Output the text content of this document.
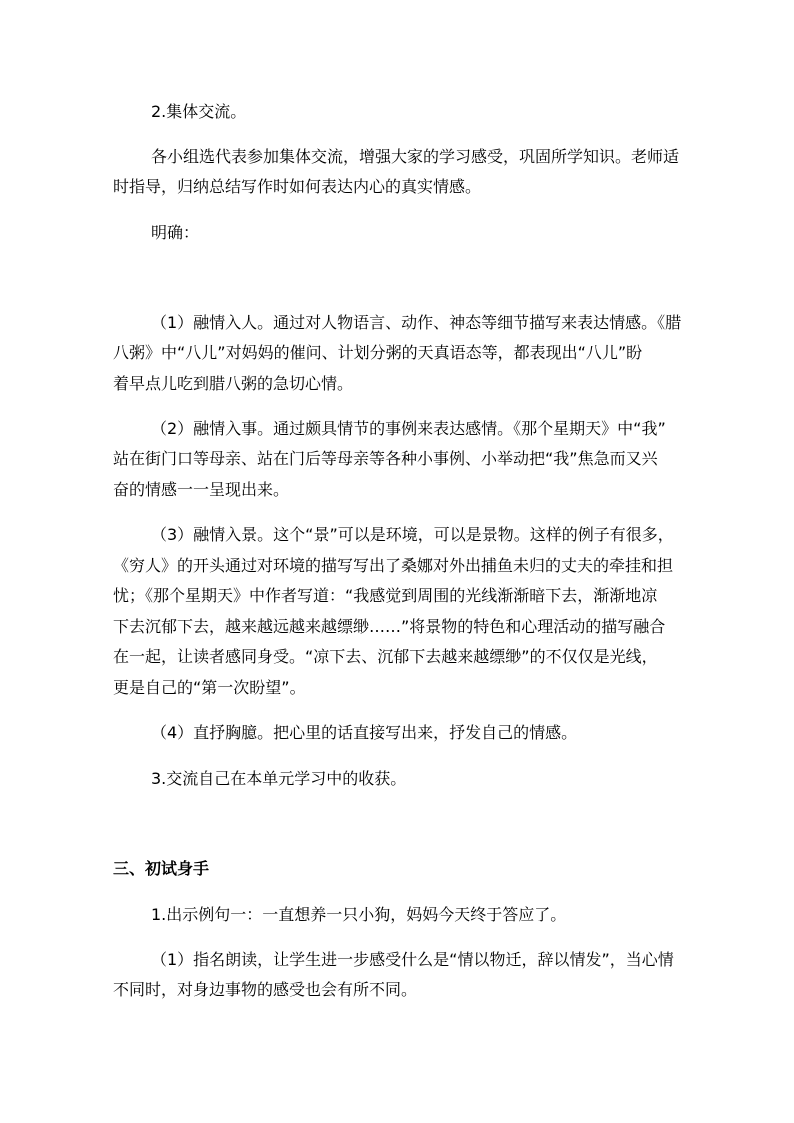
2.集体交流。
各小组选代表参加集体交流，增强大家的学习感受，巩固所学知识。老师适
时指导，归纳总结写作时如何表达内心的真实情感。
明确：
（1）融情入人。通过对人物语言、动作、神态等细节描写来表达情感。《腊
八粥》中“八儿”对妈妈的催问、计划分粥的天真语态等，都表现出“八儿”盼
着早点儿吃到腊八粥的急切心情。
（2）融情入事。通过颇具情节的事例来表达感情。《那个星期天》中“我”
站在街门口等母亲、站在门后等母亲等各种小事例、小举动把“我”焦急而又兴
奋的情感一一呈现出来。
（3）融情入景。这个“景”可以是环境，可以是景物。这样的例子有很多，
《穷人》的开头通过对环境的描写写出了桑娜对外出捕鱼未归的丈夫的牵挂和担
忧；《那个星期天》中作者写道：“我感觉到周围的光线渐渐暗下去，渐渐地凉
下去沉郁下去，越来越远越来越缥缈……”将景物的特色和心理活动的描写融合
在一起，让读者感同身受。“凉下去、沉郁下去越来越缥缈”的不仅仅是光线，
更是自己的“第一次盼望”。
（4）直抒胸臆。把心里的话直接写出来，抒发自己的情感。
3.交流自己在本单元学习中的收获。
三、初试身手
1.出示例句一：一直想养一只小狗，妈妈今天终于答应了。
（1）指名朗读，让学生进一步感受什么是“情以物迁，辞以情发”，当心情
不同时，对身边事物的感受也会有所不同。
